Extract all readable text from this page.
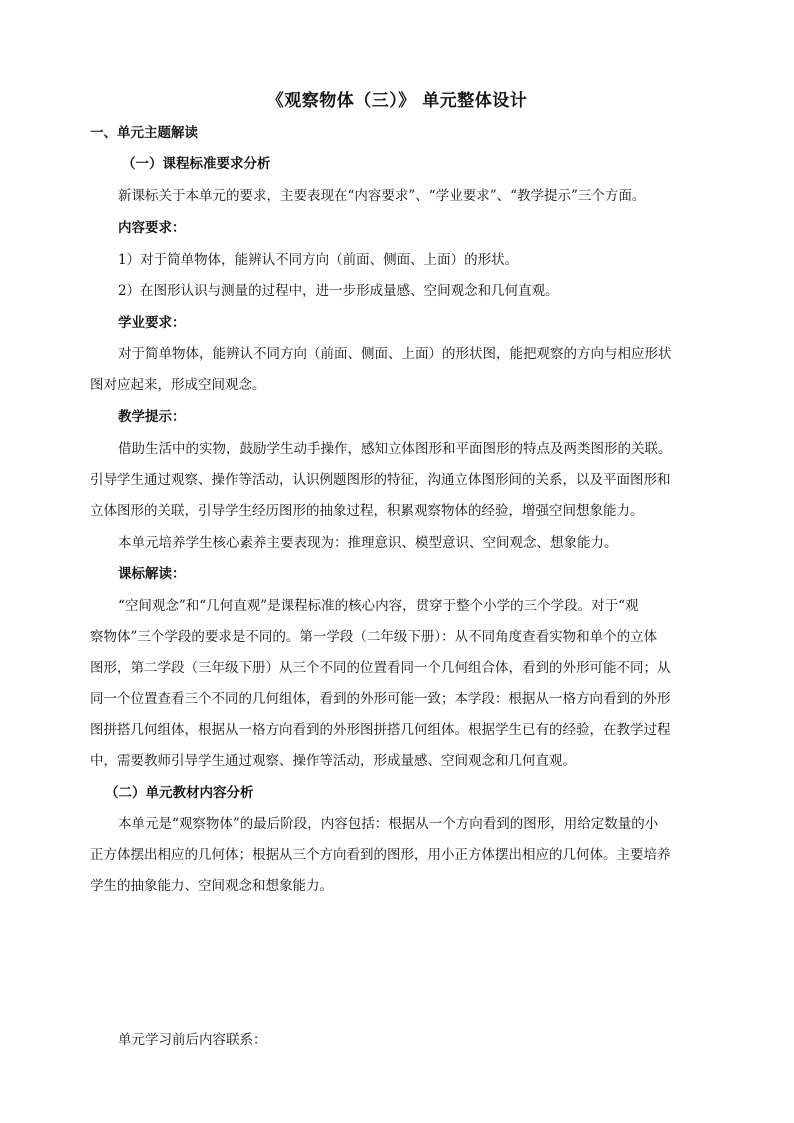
《观察物体（三）》 单元整体设计
一、单元主题解读
（一）课程标准要求分析
新课标关于本单元的要求，主要表现在“内容要求”、“学业要求”、“教学提示”三个方面。
内容要求：
1）对于简单物体，能辨认不同方向（前面、侧面、上面）的形状。
2）在图形认识与测量的过程中，进一步形成量感、空间观念和几何直观。
学业要求：
对于简单物体，能辨认不同方向（前面、侧面、上面）的形状图，能把观察的方向与相应形状
图对应起来，形成空间观念。
教学提示：
借助生活中的实物，鼓励学生动手操作，感知立体图形和平面图形的特点及两类图形的关联。
引导学生通过观察、操作等活动，认识例题图形的特征，沟通立体图形间的关系，以及平面图形和
立体图形的关联，引导学生经历图形的抽象过程，积累观察物体的经验，增强空间想象能力。
本单元培养学生核心素养主要表现为：推理意识、模型意识、空间观念、想象能力。
课标解读：
“空间观念”和“几何直观”是课程标准的核心内容，贯穿于整个小学的三个学段。对于“观
察物体”三个学段的要求是不同的。第一学段（二年级下册）：从不同角度查看实物和单个的立体
图形，第二学段（三年级下册）从三个不同的位置看同一个几何组合体，看到的外形可能不同；从
同一个位置查看三个不同的几何组体，看到的外形可能一致；本学段：根据从一格方向看到的外形
图拼搭几何组体，根据从一格方向看到的外形图拼搭几何组体。根据学生已有的经验，在教学过程
中，需要教师引导学生通过观察、操作等活动，形成量感、空间观念和几何直观。
（二）单元教材内容分析
本单元是“观察物体”的最后阶段，内容包括：根据从一个方向看到的图形，用给定数量的小
正方体摆出相应的几何体；根据从三个方向看到的图形，用小正方体摆出相应的几何体。主要培养
学生的抽象能力、空间观念和想象能力。
单元学习前后内容联系：
